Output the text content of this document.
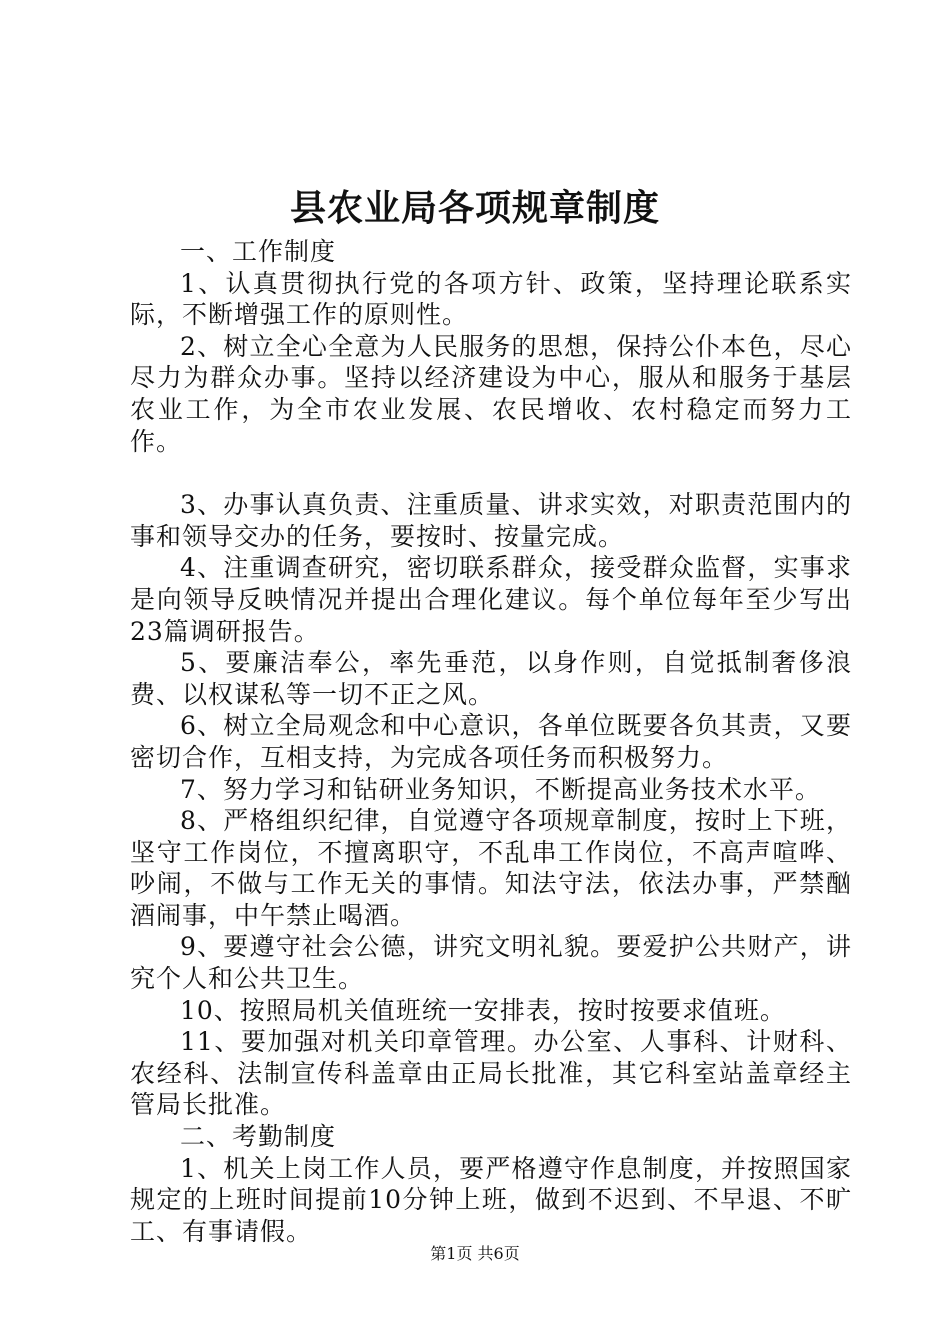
县农业局各项规章制度

一、工作制度

1、认真贯彻执行党的各项方针、政策，坚持理论联系实际，不断增强工作的原则性。

2、树立全心全意为人民服务的思想，保持公仆本色，尽心尽力为群众办事。坚持以经济建设为中心，服从和服务于基层农业工作，为全市农业发展、农民增收、农村稳定而努力工作。

3、办事认真负责、注重质量、讲求实效，对职责范围内的事和领导交办的任务，要按时、按量完成。

4、注重调查研究，密切联系群众，接受群众监督，实事求是向领导反映情况并提出合理化建议。每个单位每年至少写出23篇调研报告。

5、要廉洁奉公，率先垂范，以身作则，自觉抵制奢侈浪费、以权谋私等一切不正之风。

6、树立全局观念和中心意识，各单位既要各负其责，又要密切合作，互相支持，为完成各项任务而积极努力。

7、努力学习和钻研业务知识，不断提高业务技术水平。

8、严格组织纪律，自觉遵守各项规章制度，按时上下班，坚守工作岗位，不擅离职守，不乱串工作岗位，不高声喧哗、吵闹，不做与工作无关的事情。知法守法，依法办事，严禁酗酒闹事，中午禁止喝酒。

9、要遵守社会公德，讲究文明礼貌。要爱护公共财产，讲究个人和公共卫生。

10、按照局机关值班统一安排表，按时按要求值班。

11、要加强对机关印章管理。办公室、人事科、计财科、农经科、法制宣传科盖章由正局长批准，其它科室站盖章经主管局长批准。

二、考勤制度

1、机关上岗工作人员，要严格遵守作息制度，并按照国家规定的上班时间提前10分钟上班，做到不迟到、不早退、不旷工、有事请假。

第1页 共6页
